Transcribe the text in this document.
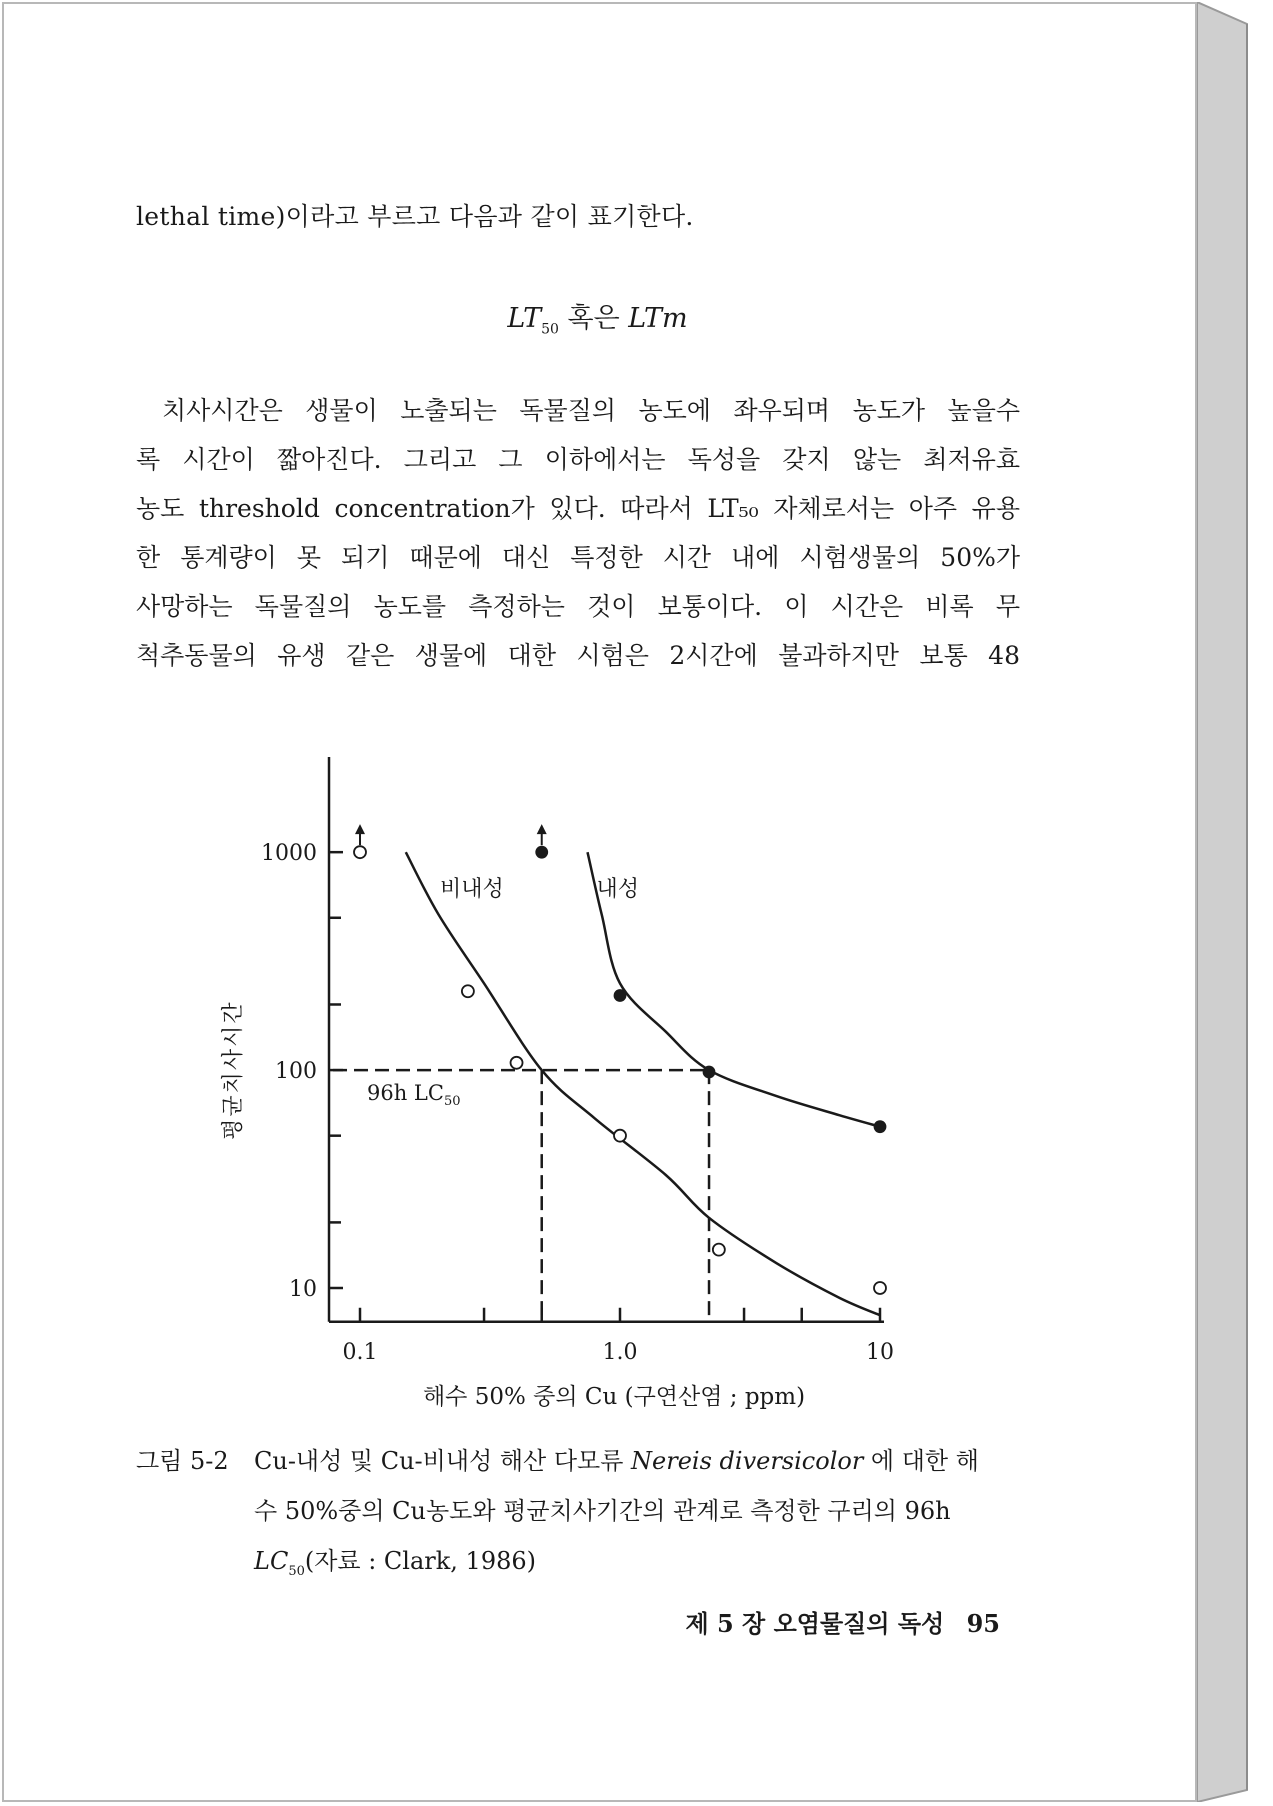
lethal time)이라고 부르고 다음과 같이 표기한다.
$LT_{50}$ 혹은 LTm

치사시간은 생물이 노출되는 독물질의 농도에 좌우되며 농도가 높을수

록 시간이 짧아진다. 그리고 그 이하에서는 독성을 갖지 않는 최저유효

농도 threshold concentration가 있다. 따라서 LT₅₀ 자체로서는 아주 유용

한 통계량이 못 되기 때문에 대신 특정한 시간 내에 시험생물의 50%가

사망하는 독물질의 농도를 측정하는 것이 보통이다. 이 시간은 비록 무

척추동물의 유생 같은 생물에 대한 시험은 2시간에 불과하지만 보통 48

10
100
1000
0.1	1.0	10
평균치사시간
해수 50% 중의 Cu (구연산염 ; ppm)
비내성	내성
96h $LC_{50}$
그림 5-2 Cu-내성 및 Cu-비내성 해산 다모류 Nereis diversicolor 에 대한 해
수 50%중의 Cu농도와 평균치사기간의 관계로 측정한 구리의 96h
$LC_{50}$(자료 : Clark, 1986)
제 5 장 오염물질의 독성 95
